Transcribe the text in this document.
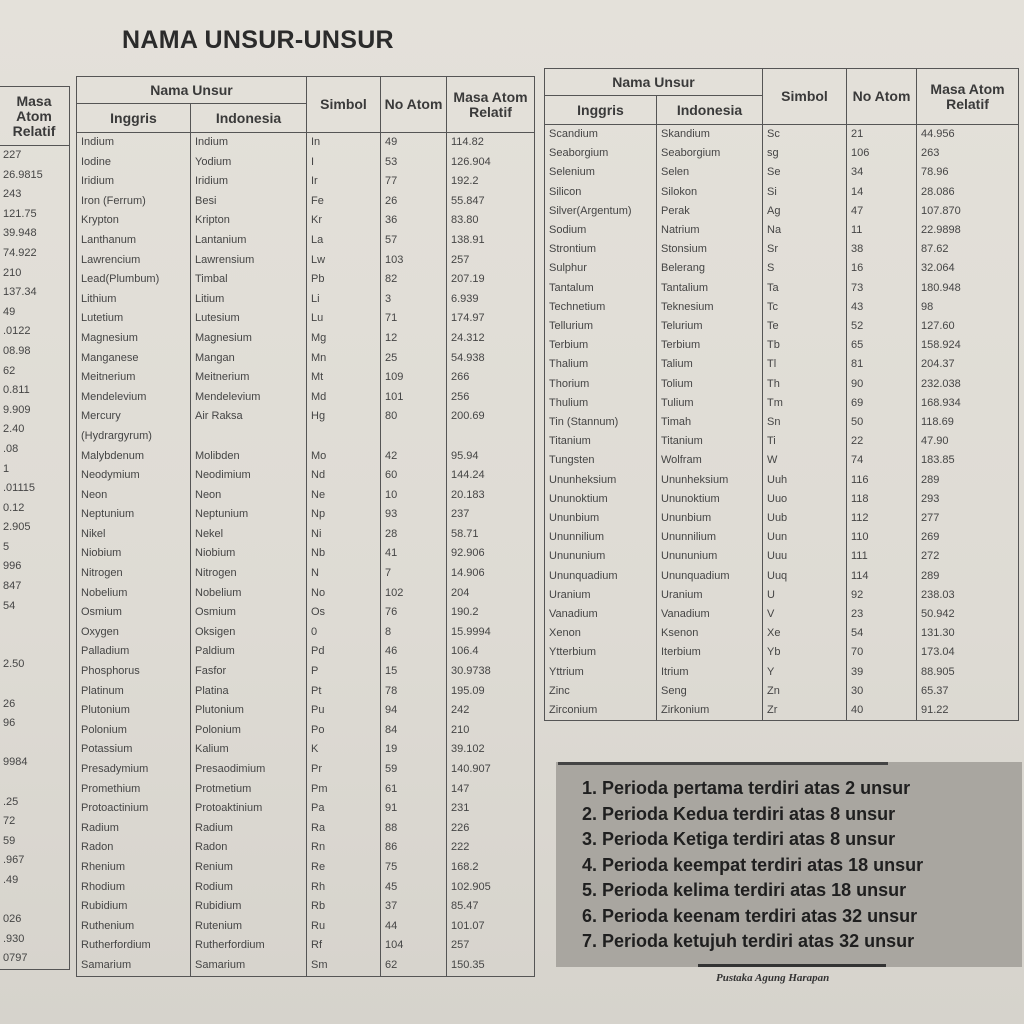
NAMA UNSUR-UNSUR
Masa Atom Relatif
227
26.9815
243
121.75
39.948
74.922
210
137.34
49
.0122
08.98
62
0.811
9.909
2.40
.08
1
.01115
0.12
2.905
5
996
847
54

2.50

26
96

9984

.25
72
59
.967
.49

026
.930
0797
Nama Unsur		Simbol	No Atom	Masa Atom Relatif
Inggris	Indonesia			
Indium	Indium	In	49	114.82
Iodine	Yodium	I	53	126.904
Iridium	Iridium	Ir	77	192.2
Iron (Ferrum)	Besi	Fe	26	55.847
Krypton	Kripton	Kr	36	83.80
Lanthanum	Lantanium	La	57	138.91
Lawrencium	Lawrensium	Lw	103	257
Lead(Plumbum)	Timbal	Pb	82	207.19
Lithium	Litium	Li	3	6.939
Lutetium	Lutesium	Lu	71	174.97
Magnesium	Magnesium	Mg	12	24.312
Manganese	Mangan	Mn	25	54.938
Meitnerium	Meitnerium	Mt	109	266
Mendelevium	Mendelevium	Md	101	256
Mercury	Air Raksa	Hg	80	200.69
(Hydrargyrum)				
Malybdenum	Molibden	Mo	42	95.94
Neodymium	Neodimium	Nd	60	144.24
Neon	Neon	Ne	10	20.183
Neptunium	Neptunium	Np	93	237
Nikel	Nekel	Ni	28	58.71
Niobium	Niobium	Nb	41	92.906
Nitrogen	Nitrogen	N	7	14.906
Nobelium	Nobelium	No	102	204
Osmium	Osmium	Os	76	190.2
Oxygen	Oksigen	0	8	15.9994
Palladium	Paldium	Pd	46	106.4
Phosphorus	Fasfor	P	15	30.9738
Platinum	Platina	Pt	78	195.09
Plutonium	Plutonium	Pu	94	242
Polonium	Polonium	Po	84	210
Potassium	Kalium	K	19	39.102
Presadymium	Presaodimium	Pr	59	140.907
Promethium	Protmetium	Pm	61	147
Protoactinium	Protoaktinium	Pa	91	231
Radium	Radium	Ra	88	226
Radon	Radon	Rn	86	222
Rhenium	Renium	Re	75	168.2
Rhodium	Rodium	Rh	45	102.905
Rubidium	Rubidium	Rb	37	85.47
Ruthenium	Rutenium	Ru	44	101.07
Rutherfordium	Rutherfordium	Rf	104	257
Samarium	Samarium	Sm	62	150.35
Nama Unsur		Simbol	No Atom	Masa Atom Relatif
Inggris	Indonesia			
Scandium	Skandium	Sc	21	44.956
Seaborgium	Seaborgium	sg	106	263
Selenium	Selen	Se	34	78.96
Silicon	Silokon	Si	14	28.086
Silver(Argentum)	Perak	Ag	47	107.870
Sodium	Natrium	Na	11	22.9898
Strontium	Stonsium	Sr	38	87.62
Sulphur	Belerang	S	16	32.064
Tantalum	Tantalium	Ta	73	180.948
Technetium	Teknesium	Tc	43	98
Tellurium	Telurium	Te	52	127.60
Terbium	Terbium	Tb	65	158.924
Thalium	Talium	Tl	81	204.37
Thorium	Tolium	Th	90	232.038
Thulium	Tulium	Tm	69	168.934
Tin (Stannum)	Timah	Sn	50	118.69
Titanium	Titanium	Ti	22	47.90
Tungsten	Wolfram	W	74	183.85
Ununheksium	Ununheksium	Uuh	116	289
Ununoktium	Ununoktium	Uuo	118	293
Ununbium	Ununbium	Uub	112	277
Ununnilium	Ununnilium	Uun	110	269
Unununium	Unununium	Uuu	111	272
Ununquadium	Ununquadium	Uuq	114	289
Uranium	Uranium	U	92	238.03
Vanadium	Vanadium	V	23	50.942
Xenon	Ksenon	Xe	54	131.30
Ytterbium	Iterbium	Yb	70	173.04
Yttrium	Itrium	Y	39	88.905
Zinc	Seng	Zn	30	65.37
Zirconium	Zirkonium	Zr	40	91.22
1. Perioda pertama terdiri atas 2 unsur
2. Perioda Kedua terdiri atas 8 unsur
3. Perioda Ketiga terdiri atas 8 unsur
4. Perioda keempat terdiri atas 18 unsur
5. Perioda kelima terdiri atas 18 unsur
6. Perioda keenam terdiri atas 32 unsur
7. Perioda ketujuh terdiri atas 32 unsur
Pustaka Agung Harapan
